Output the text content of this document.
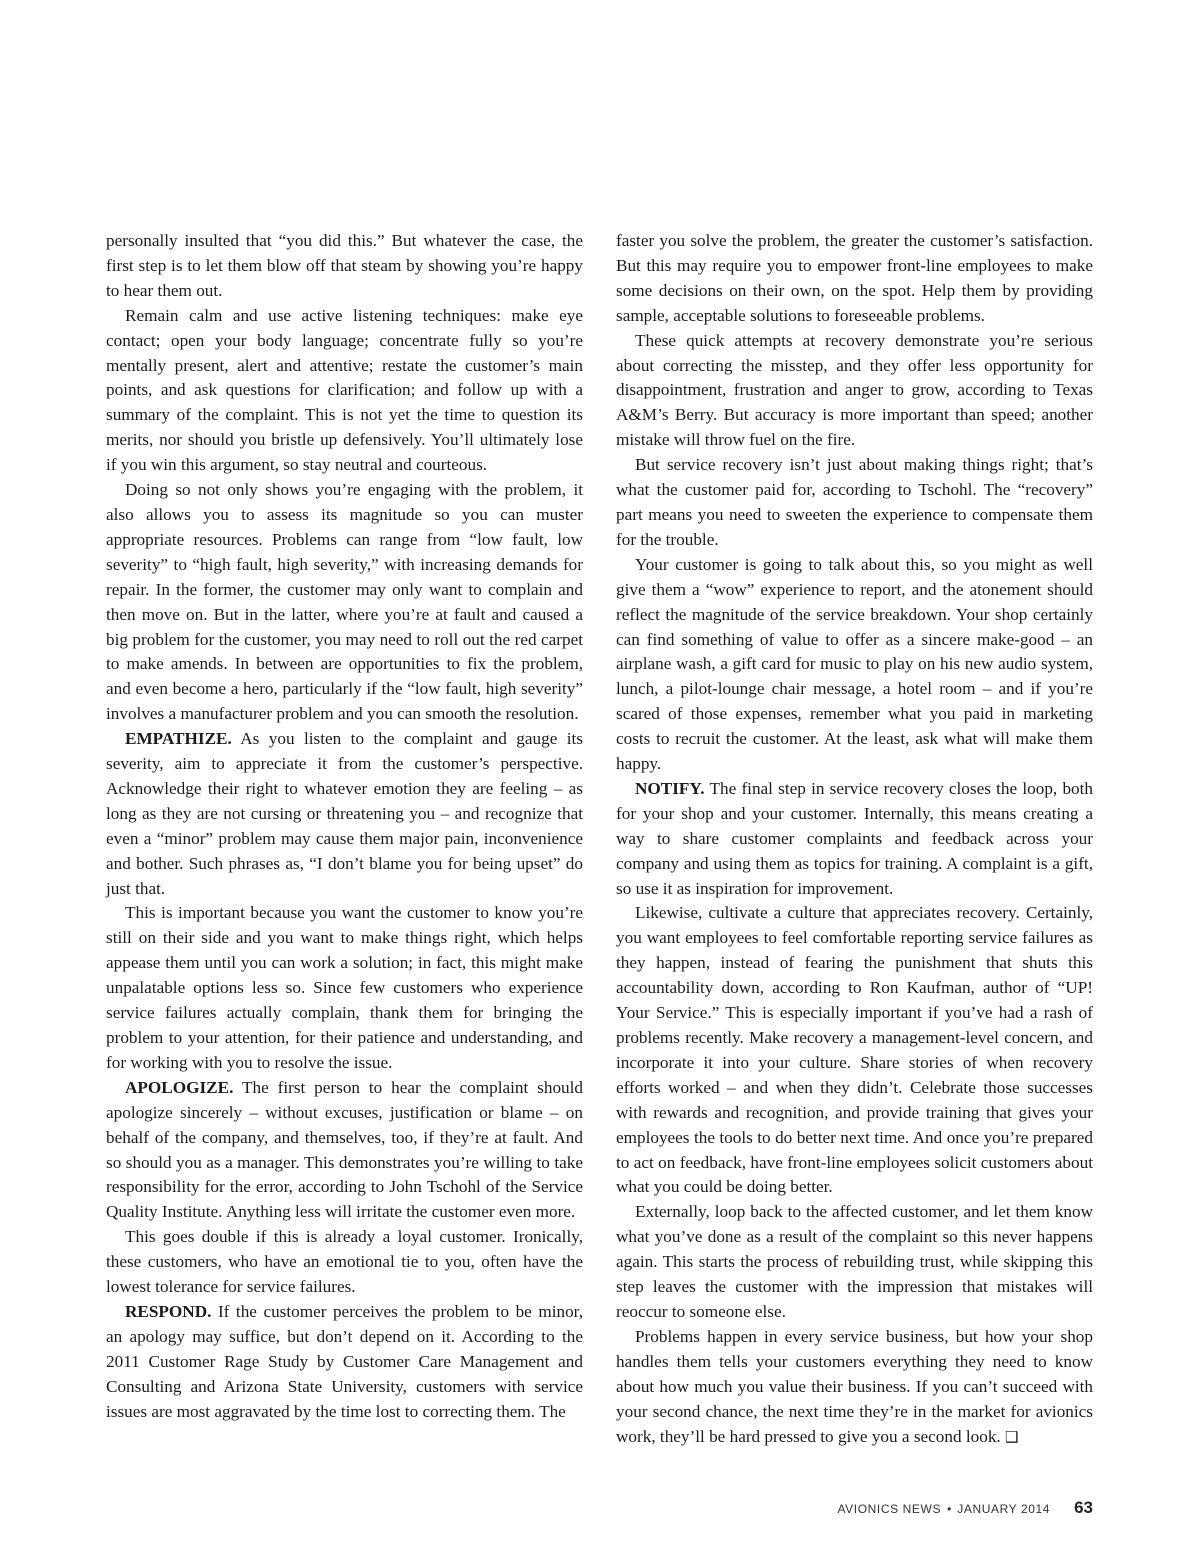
personally insulted that “you did this.” But whatever the case, the first step is to let them blow off that steam by showing you’re happy to hear them out.

Remain calm and use active listening techniques: make eye contact; open your body language; concentrate fully so you’re mentally present, alert and attentive; restate the customer’s main points, and ask questions for clarification; and follow up with a summary of the complaint. This is not yet the time to question its merits, nor should you bristle up defensively. You’ll ultimately lose if you win this argument, so stay neutral and courteous.

Doing so not only shows you’re engaging with the problem, it also allows you to assess its magnitude so you can muster appropriate resources. Problems can range from “low fault, low severity” to “high fault, high severity,” with increasing demands for repair. In the former, the customer may only want to complain and then move on. But in the latter, where you’re at fault and caused a big problem for the customer, you may need to roll out the red carpet to make amends. In between are opportunities to fix the problem, and even become a hero, particularly if the “low fault, high severity” involves a manufacturer problem and you can smooth the resolution.

EMPATHIZE. As you listen to the complaint and gauge its severity, aim to appreciate it from the customer’s perspective. Acknowledge their right to whatever emotion they are feeling – as long as they are not cursing or threatening you – and recognize that even a “minor” problem may cause them major pain, inconvenience and bother. Such phrases as, “I don’t blame you for being upset” do just that.

This is important because you want the customer to know you’re still on their side and you want to make things right, which helps appease them until you can work a solution; in fact, this might make unpalatable options less so. Since few customers who experience service failures actually complain, thank them for bringing the problem to your attention, for their patience and understanding, and for working with you to resolve the issue.

APOLOGIZE. The first person to hear the complaint should apologize sincerely – without excuses, justification or blame – on behalf of the company, and themselves, too, if they’re at fault. And so should you as a manager. This demonstrates you’re willing to take responsibility for the error, according to John Tschohl of the Service Quality Institute. Anything less will irritate the customer even more.

This goes double if this is already a loyal customer. Ironically, these customers, who have an emotional tie to you, often have the lowest tolerance for service failures.

RESPOND. If the customer perceives the problem to be minor, an apology may suffice, but don’t depend on it. According to the 2011 Customer Rage Study by Customer Care Management and Consulting and Arizona State University, customers with service issues are most aggravated by the time lost to correcting them. The

faster you solve the problem, the greater the customer’s satisfaction. But this may require you to empower front-line employees to make some decisions on their own, on the spot. Help them by providing sample, acceptable solutions to foreseeable problems.

These quick attempts at recovery demonstrate you’re serious about correcting the misstep, and they offer less opportunity for disappointment, frustration and anger to grow, according to Texas A&M’s Berry. But accuracy is more important than speed; another mistake will throw fuel on the fire.

But service recovery isn’t just about making things right; that’s what the customer paid for, according to Tschohl. The “recovery” part means you need to sweeten the experience to compensate them for the trouble.

Your customer is going to talk about this, so you might as well give them a “wow” experience to report, and the atonement should reflect the magnitude of the service breakdown. Your shop certainly can find something of value to offer as a sincere make-good – an airplane wash, a gift card for music to play on his new audio system, lunch, a pilot-lounge chair message, a hotel room – and if you’re scared of those expenses, remember what you paid in marketing costs to recruit the customer. At the least, ask what will make them happy.

NOTIFY. The final step in service recovery closes the loop, both for your shop and your customer. Internally, this means creating a way to share customer complaints and feedback across your company and using them as topics for training. A complaint is a gift, so use it as inspiration for improvement.

Likewise, cultivate a culture that appreciates recovery. Certainly, you want employees to feel comfortable reporting service failures as they happen, instead of fearing the punishment that shuts this accountability down, according to Ron Kaufman, author of “UP! Your Service.” This is especially important if you’ve had a rash of problems recently. Make recovery a management-level concern, and incorporate it into your culture. Share stories of when recovery efforts worked – and when they didn’t. Celebrate those successes with rewards and recognition, and provide training that gives your employees the tools to do better next time. And once you’re prepared to act on feedback, have front-line employees solicit customers about what you could be doing better.

Externally, loop back to the affected customer, and let them know what you’ve done as a result of the complaint so this never happens again. This starts the process of rebuilding trust, while skipping this step leaves the customer with the impression that mistakes will reoccur to someone else.

Problems happen in every service business, but how your shop handles them tells your customers everything they need to know about how much you value their business. If you can’t succeed with your second chance, the next time they’re in the market for avionics work, they’ll be hard pressed to give you a second look. ❑

AVIONICS NEWS • JANUARY 2014 63
